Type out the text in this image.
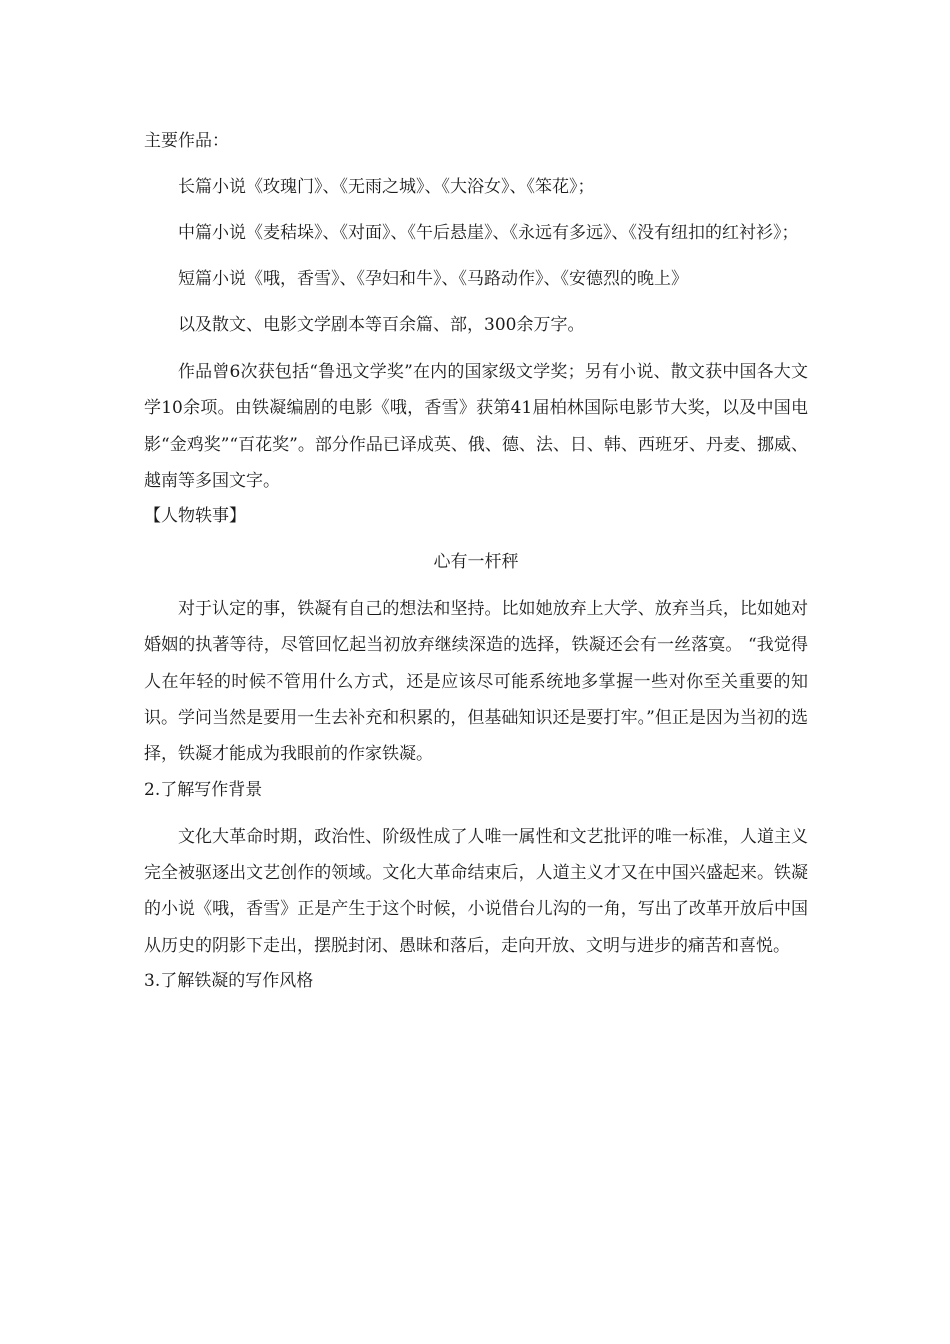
主要作品：
长篇小说《玫瑰门》、《无雨之城》、《大浴女》、《笨花》；
中篇小说《麦秸垛》、《对面》、《午后悬崖》、《永远有多远》、《没有纽扣的红衬衫》；
短篇小说《哦，香雪》、《孕妇和牛》、《马路动作》、《安德烈的晚上》
以及散文、电影文学剧本等百余篇、部，300余万字。

作品曾6次获包括“鲁迅文学奖”在内的国家级文学奖；另有小说、散文获中国各大文学10余项。由铁凝编剧的电影《哦，香雪》获第41届柏林国际电影节大奖，以及中国电影“金鸡奖”“百花奖”。部分作品已译成英、俄、德、法、日、韩、西班牙、丹麦、挪威、越南等多国文字。

【人物轶事】
心有一杆秤

对于认定的事，铁凝有自己的想法和坚持。比如她放弃上大学、放弃当兵，比如她对婚姻的执著等待，尽管回忆起当初放弃继续深造的选择，铁凝还会有一丝落寞。 “我觉得人在年轻的时候不管用什么方式，还是应该尽可能系统地多掌握一些对你至关重要的知识。学问当然是要用一生去补充和积累的，但基础知识还是要打牢。”但正是因为当初的选择，铁凝才能成为我眼前的作家铁凝。

2.了解写作背景

文化大革命时期，政治性、阶级性成了人唯一属性和文艺批评的唯一标准，人道主义完全被驱逐出文艺创作的领域。文化大革命结束后，人道主义才又在中国兴盛起来。铁凝的小说《哦，香雪》正是产生于这个时候，小说借台儿沟的一角，写出了改革开放后中国从历史的阴影下走出，摆脱封闭、愚昧和落后，走向开放、文明与进步的痛苦和喜悦。

3.了解铁凝的写作风格
